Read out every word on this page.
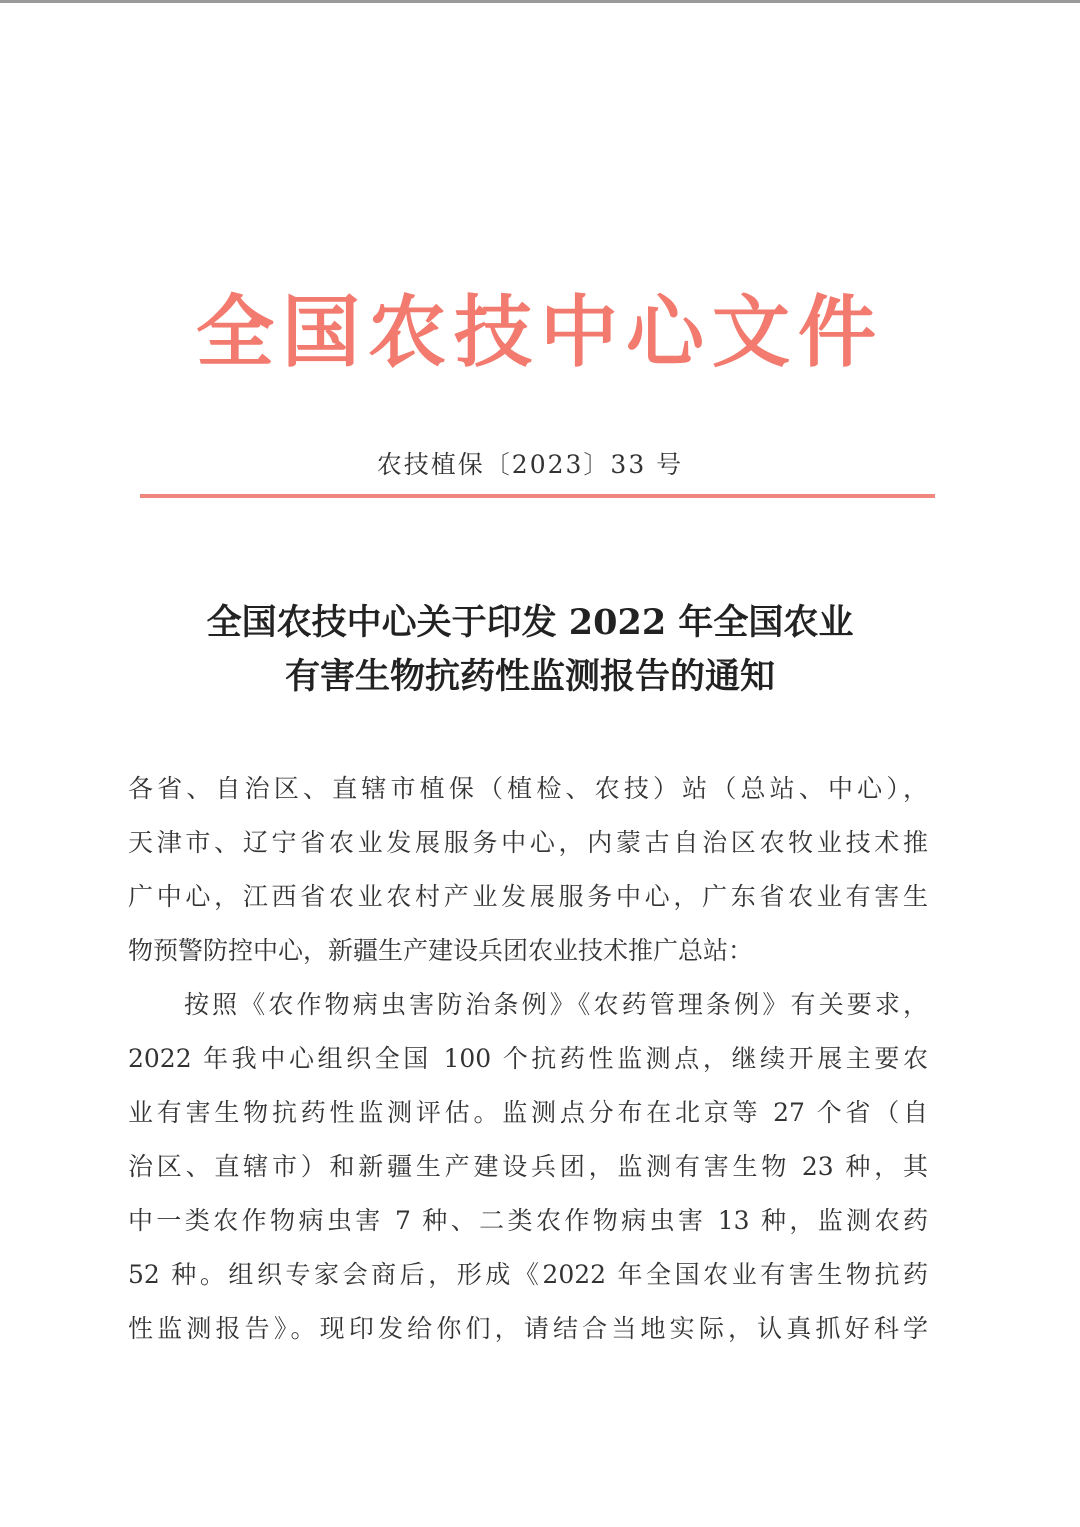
全国农技中心文件
农技植保〔2023〕33 号
全国农技中心关于印发 2022 年全国农业
有害生物抗药性监测报告的通知
各省、自治区、直辖市植保（植检、农技）站（总站、中心），
天津市、辽宁省农业发展服务中心，内蒙古自治区农牧业技术推
广中心，江西省农业农村产业发展服务中心，广东省农业有害生
物预警防控中心，新疆生产建设兵团农业技术推广总站：
按照《农作物病虫害防治条例》《农药管理条例》有关要求，
2022 年我中心组织全国 100 个抗药性监测点，继续开展主要农
业有害生物抗药性监测评估。监测点分布在北京等 27 个省（自
治区、直辖市）和新疆生产建设兵团，监测有害生物 23 种，其
中一类农作物病虫害 7 种、二类农作物病虫害 13 种，监测农药
52 种。组织专家会商后，形成《2022 年全国农业有害生物抗药
性监测报告》。现印发给你们，请结合当地实际，认真抓好科学
